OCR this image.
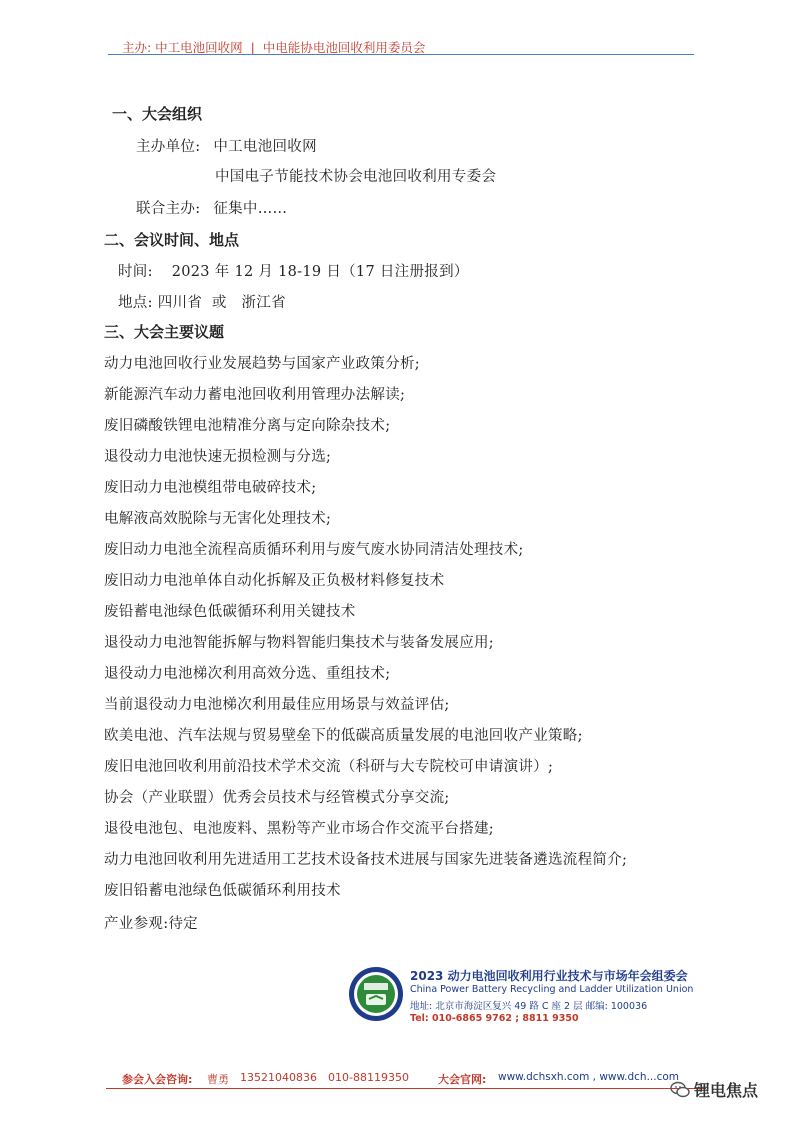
主办: 中工电池回收网 | 中电能协电池回收利用委员会
一、大会组织
主办单位: 中工电池回收网
中国电子节能技术协会电池回收利用专委会
联合主办: 征集中……
二、会议时间、地点
时间: 2023 年 12 月 18-19 日（17 日注册报到）
地点: 四川省  或   浙江省
三、大会主要议题
动力电池回收行业发展趋势与国家产业政策分析;
新能源汽车动力蓄电池回收利用管理办法解读;
废旧磷酸铁锂电池精准分离与定向除杂技术;
退役动力电池快速无损检测与分选;
废旧动力电池模组带电破碎技术;
电解液高效脱除与无害化处理技术;
废旧动力电池全流程高质循环利用与废气废水协同清洁处理技术;
废旧动力电池单体自动化拆解及正负极材料修复技术
废铅蓄电池绿色低碳循环利用关键技术
退役动力电池智能拆解与物料智能归集技术与装备发展应用;
退役动力电池梯次利用高效分选、重组技术;
当前退役动力电池梯次利用最佳应用场景与效益评估;
欧美电池、汽车法规与贸易壁垒下的低碳高质量发展的电池回收产业策略;
废旧电池回收利用前沿技术学术交流（科研与大专院校可申请演讲）;
协会（产业联盟）优秀会员技术与经管模式分享交流;
退役电池包、电池废料、黑粉等产业市场合作交流平台搭建;
动力电池回收利用先进适用工艺技术设备技术进展与国家先进装备遴选流程简介;
废旧铅蓄电池绿色低碳循环利用技术
产业参观:待定
2023 动力电池回收利用行业技术与市场年会组委会
China Power Battery Recycling and Ladder Utilization Union
地址: 北京市海淀区复兴 49 路 C 座 2 层 邮编: 100036
Tel: 010-6865 9762 ; 8811 9350
参会入会咨询: 曹勇 13521040836 010-88119350	大会官网: www.dchsxh.com , www.dch...com
锂电焦点
